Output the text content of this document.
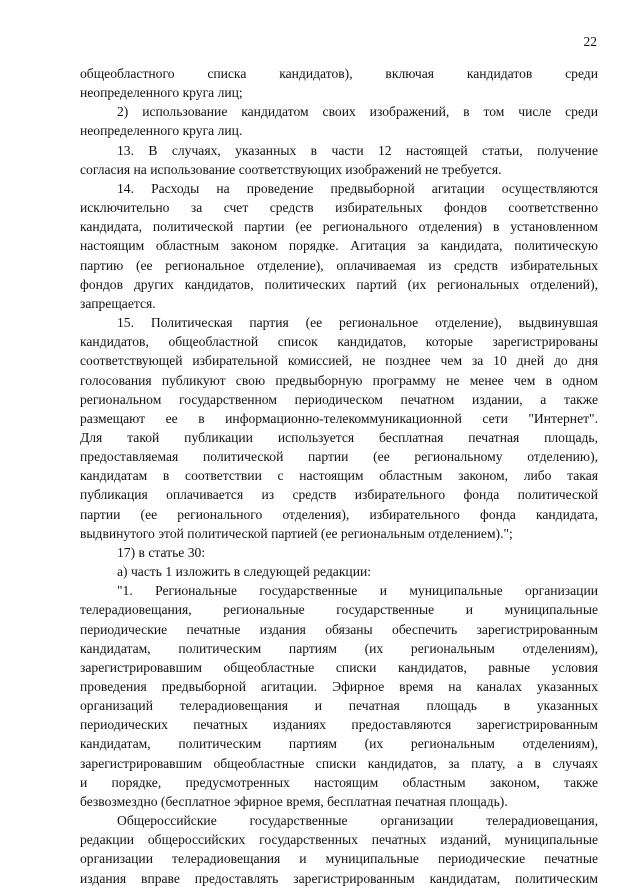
22
общеобластного списка кандидатов), включая кандидатов среди
неопределенного круга лиц;
2) использование кандидатом своих изображений, в том числе среди
неопределенного круга лиц.
13. В случаях, указанных в части 12 настоящей статьи, получение
согласия на использование соответствующих изображений не требуется.
14. Расходы на проведение предвыборной агитации осуществляются
исключительно за счет средств избирательных фондов соответственно
кандидата, политической партии (ее регионального отделения) в установленном
настоящим областным законом порядке. Агитация за кандидата, политическую
партию (ее региональное отделение), оплачиваемая из средств избирательных
фондов других кандидатов, политических партий (их региональных отделений),
запрещается.
15. Политическая партия (ее региональное отделение), выдвинувшая
кандидатов, общеобластной список кандидатов, которые зарегистрированы
соответствующей избирательной комиссией, не позднее чем за 10 дней до дня
голосования публикуют свою предвыборную программу не менее чем в одном
региональном государственном периодическом печатном издании, а также
размещают ее в информационно-телекоммуникационной сети "Интернет".
Для такой публикации используется бесплатная печатная площадь,
предоставляемая политической партии (ее региональному отделению),
кандидатам в соответствии с настоящим областным законом, либо такая
публикация оплачивается из средств избирательного фонда политической
партии (ее регионального отделения), избирательного фонда кандидата,
выдвинутого этой политической партией (ее региональным отделением).";
17) в статье 30:
а) часть 1 изложить в следующей редакции:
"1. Региональные государственные и муниципальные организации
телерадиовещания, региональные государственные и муниципальные
периодические печатные издания обязаны обеспечить зарегистрированным
кандидатам, политическим партиям (их региональным отделениям),
зарегистрировавшим общеобластные списки кандидатов, равные условия
проведения предвыборной агитации. Эфирное время на каналах указанных
организаций телерадиовещания и печатная площадь в указанных
периодических печатных изданиях предоставляются зарегистрированным
кандидатам, политическим партиям (их региональным отделениям),
зарегистрировавшим общеобластные списки кандидатов, за плату, а в случаях
и порядке, предусмотренных настоящим областным законом, также
безвозмездно (бесплатное эфирное время, бесплатная печатная площадь).
Общероссийские государственные организации телерадиовещания,
редакции общероссийских государственных печатных изданий, муниципальные
организации телерадиовещания и муниципальные периодические печатные
издания вправе предоставлять зарегистрированным кандидатам, политическим
